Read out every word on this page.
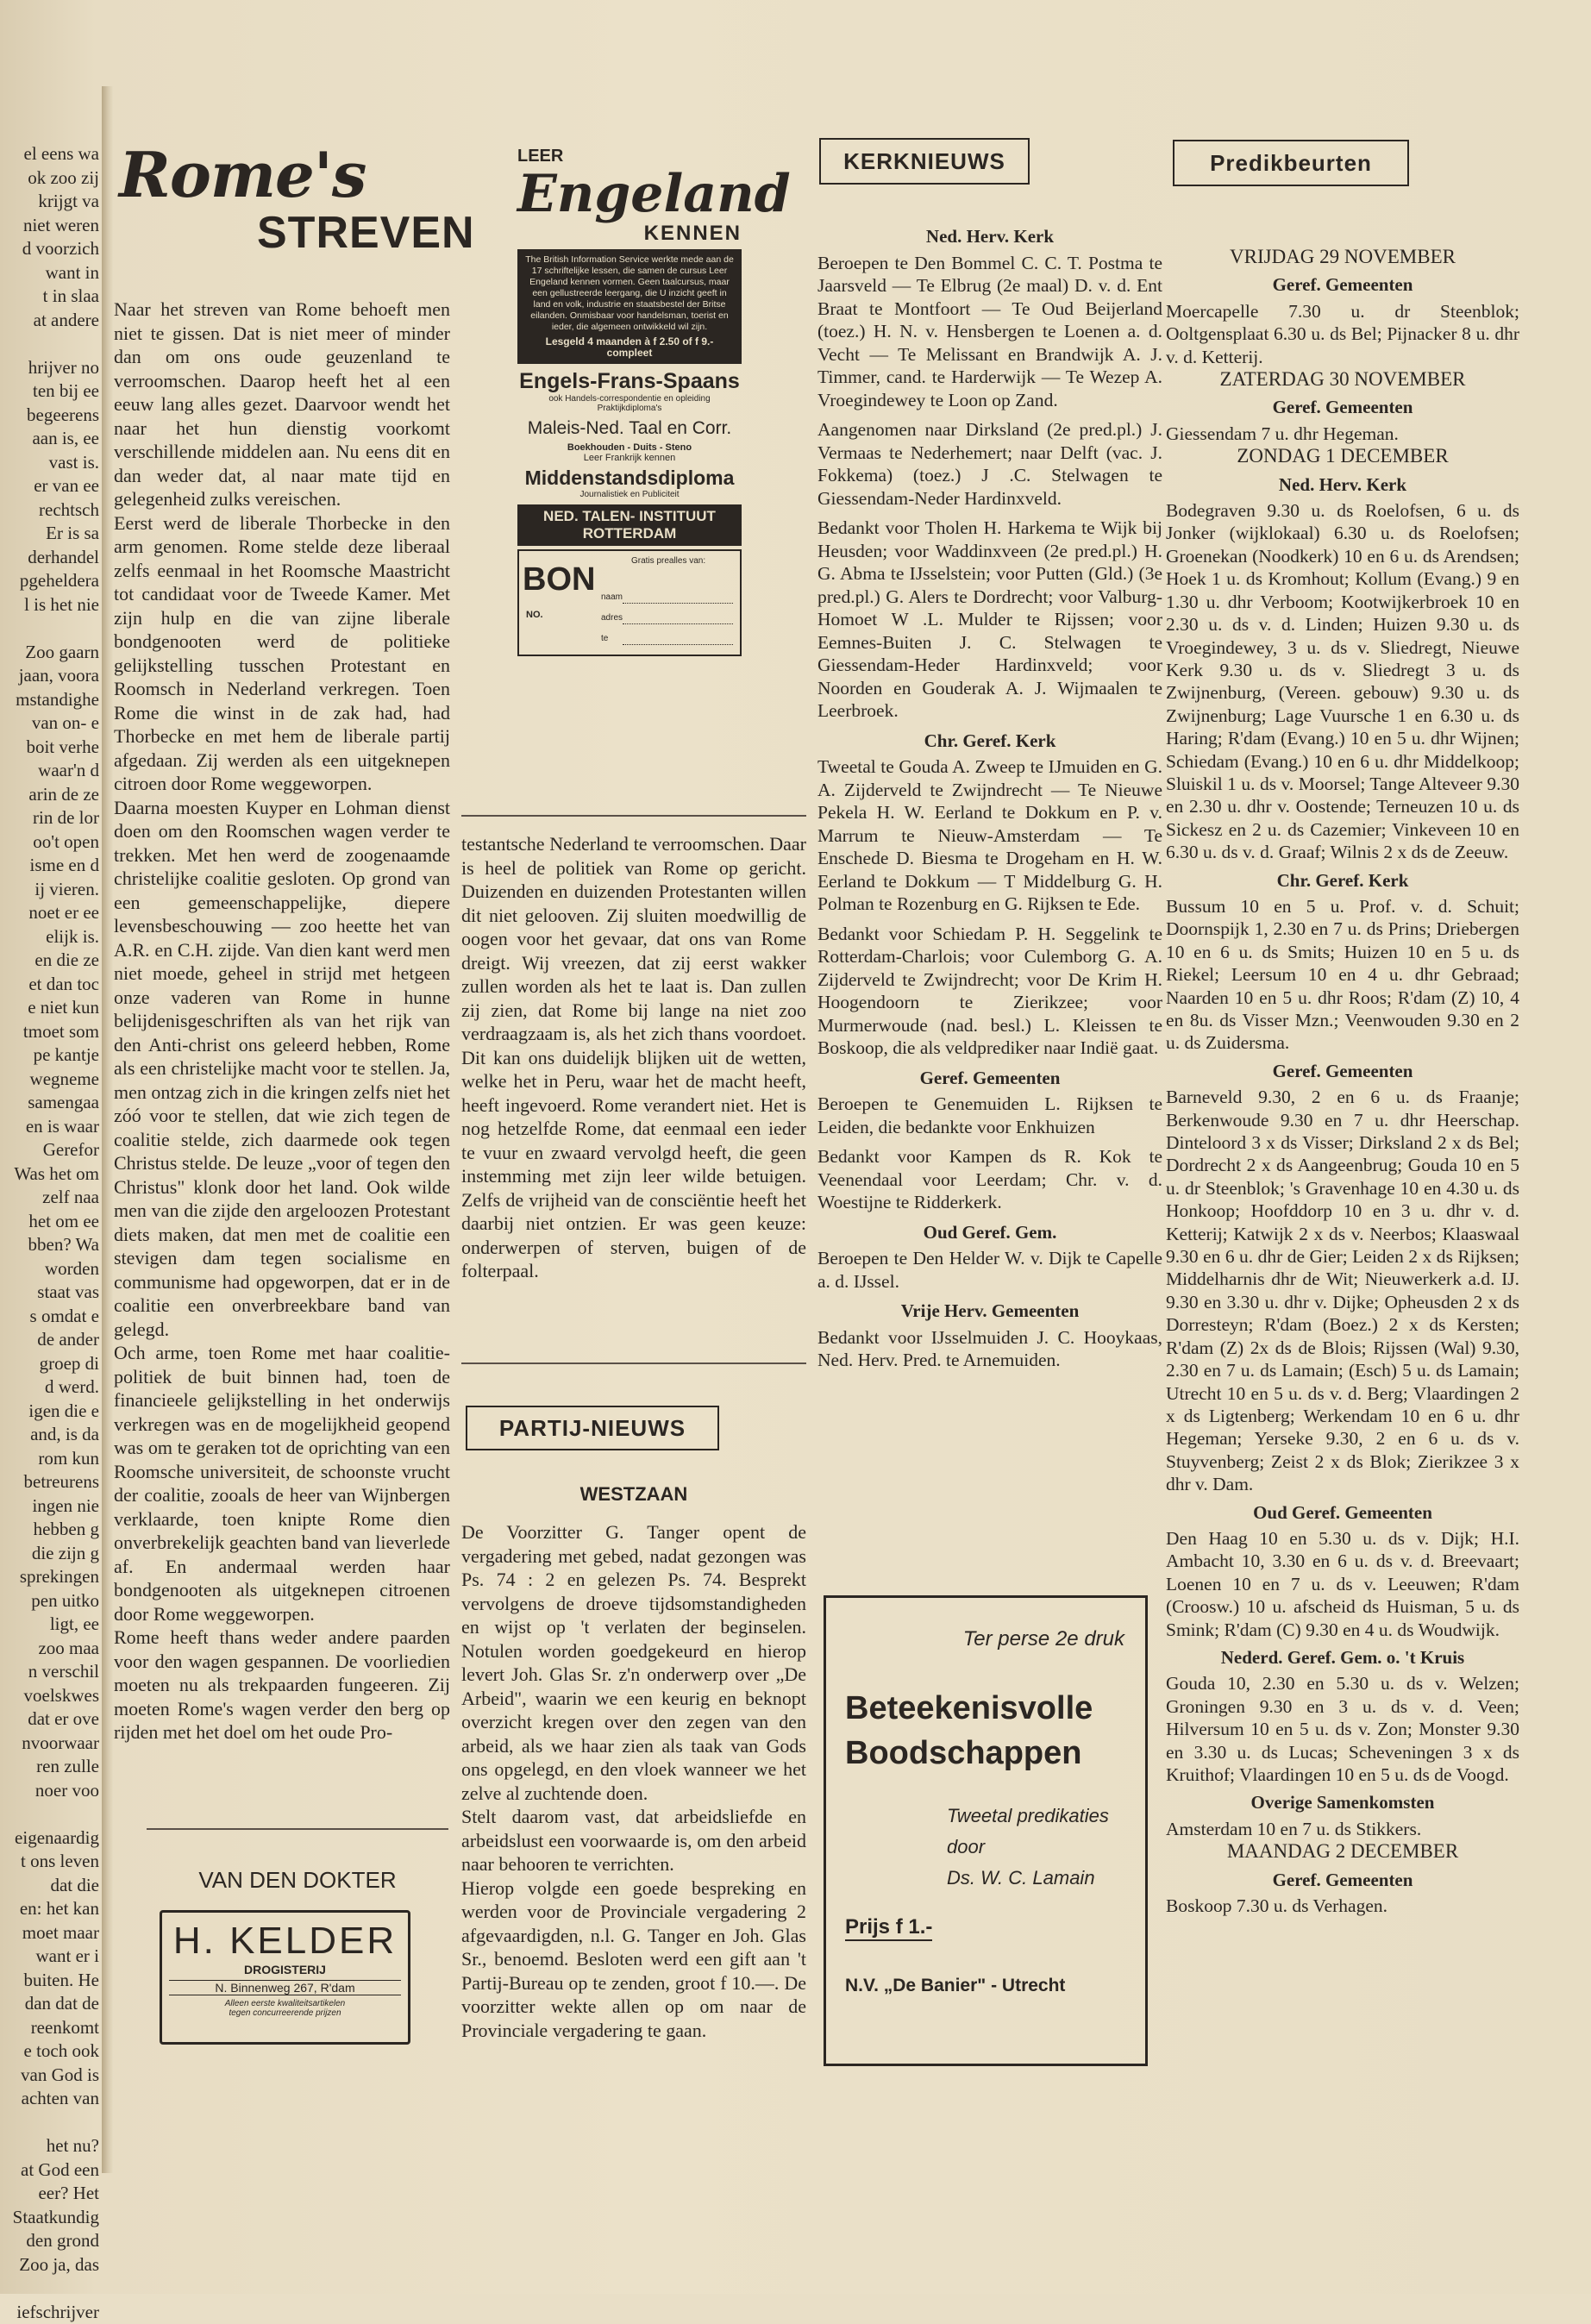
el eens wa
ok zoo zij
krijgt va
niet weren
d voorzich
want in
t in slaa
at andere
hrijver no
ten bij ee
begeerens
aan is, ee
vast is.
er van ee
rechtsch
Er is sa
derhandel
pgeheldera
l is het nie
Zoo gaarn
jaan, voora
mstandighe
van on- e
boit verhe
waar'n d
arin de ze
rin de lor
oo't open
isme en d
ij vieren.
noet er ee
elijk is.
en die ze
et dan toc
e niet kun
tmoet som
pe kantje
wegneme
samengaa
en is waar
Gerefor
Was het om
zelf naa
het om ee
bben? Wa
worden
staat vas
s omdat e
de ander
groep di
d werd.
igen die e
and, is da
rom kun
betreurens
ingen nie
hebben g
die zijn g
sprekingen
pen uitko
ligt, ee
zoo maa
n verschil
voelskwes
dat er ove
nvoorwaar
ren zulle
noer voo
eigenaardig
t ons leven
dat die
en: het kan
moet maar
want er i
buiten. He
dan dat de
reenkomt
e toch ook
van God is
achten van
het nu?
at God een
eer? Het
Staatkundig
den grond
Zoo ja, das
iefschrijver
Rome's
STREVEN

Naar het streven van Rome behoeft men niet te gissen. Dat is niet meer of minder dan om ons oude geuzenland te verroomschen. Daarop heeft het al een eeuw lang alles gezet. Daarvoor wendt het naar het hun dienstig voorkomt verschillende middelen aan. Nu eens dit en dan weder dat, al naar mate tijd en gelegenheid zulks vereischen.

Eerst werd de liberale Thorbecke in den arm genomen. Rome stelde deze liberaal zelfs eenmaal in het Roomsche Maastricht tot candidaat voor de Tweede Kamer. Met zijn hulp en die van zijne liberale bondgenooten werd de politieke gelijkstelling tusschen Protestant en Roomsch in Nederland verkregen. Toen Rome die winst in de zak had, had Thorbecke en met hem de liberale partij afgedaan. Zij werden als een uitgeknepen citroen door Rome weggeworpen.

Daarna moesten Kuyper en Lohman dienst doen om den Roomschen wagen verder te trekken. Met hen werd de zoogenaamde christelijke coalitie gesloten. Op grond van een gemeenschappelijke, diepere levensbeschouwing — zoo heette het van A.R. en C.H. zijde. Van dien kant werd men niet moede, geheel in strijd met hetgeen onze vaderen van Rome in hunne belijdenisgeschriften als van het rijk van den Anti-christ ons geleerd hebben, Rome als een christelijke macht voor te stellen. Ja, men ontzag zich in die kringen zelfs niet het zóó voor te stellen, dat wie zich tegen de coalitie stelde, zich daarmede ook tegen Christus stelde. De leuze „voor of tegen den Christus" klonk door het land. Ook wilde men van die zijde den argeloozen Protestant diets maken, dat men met de coalitie een stevigen dam tegen socialisme en communisme had opgeworpen, dat er in de coalitie een onverbreekbare band van gelegd.

Och arme, toen Rome met haar coalitie-politiek de buit binnen had, toen de financieele gelijkstelling in het onderwijs verkregen was en de mogelijkheid geopend was om te geraken tot de oprichting van een Roomsche universiteit, de schoonste vrucht der coalitie, zooals de heer van Wijnbergen verklaarde, toen knipte Rome dien onverbrekelijk geachten band van lieverlede af. En andermaal werden haar bondgenooten als uitgeknepen citroenen door Rome weggeworpen.

Rome heeft thans weder andere paarden voor den wagen gespannen. De voorliedien moeten nu als trekpaarden fungeeren. Zij moeten Rome's wagen verder den berg op rijden met het doel om het oude Pro-

testantsche Nederland te verroomschen. Daar is heel de politiek van Rome op gericht. Duizenden en duizenden Protestanten willen dit niet gelooven. Zij sluiten moedwillig de oogen voor het gevaar, dat ons van Rome dreigt. Wij vreezen, dat zij eerst wakker zullen worden als het te laat is. Dan zullen zij zien, dat Rome bij lange na niet zoo verdraagzaam is, als het zich thans voordoet. Dit kan ons duidelijk blijken uit de wetten, welke het in Peru, waar het de macht heeft, heeft ingevoerd. Rome verandert niet. Het is nog hetzelfde Rome, dat eenmaal een ieder te vuur en zwaard vervolgd heeft, die geen instemming met zijn leer wilde betuigen. Zelfs de vrijheid van de consciëntie heeft het daarbij niet ontzien. Er was geen keuze: onderwerpen of sterven, buigen of de folterpaal.

LEER
Engeland
KENNEN
The British Information Service werkte mede aan de 17 schriftelijke lessen, die samen de cursus Leer Engeland kennen vormen. Geen taalcursus, maar een gellustreerde leergang, die U inzicht geeft in land en volk, industrie en staatsbestel der Britse eilanden. Onmisbaar voor handelsman, toerist en ieder, die algemeen ontwikkeld wil zijn.
Lesgeld 4 maanden à f 2.50 of f 9.- compleet
Engels-Frans-Spaans
ook Handels-correspondentie en opleiding Praktijkdiploma's
Maleis-Ned. Taal en Corr.
Boekhouden - Duits - Steno
Leer Frankrijk kennen
Middenstandsdiploma
Journalistiek en Publiciteit
NED. TALEN- INSTITUUT
ROTTERDAM
BON
Gratis prealles van:
NO.
naam
adres
te
VAN DEN DOKTER
H. KELDER
DROGISTERIJ
N. Binnenweg 267, R'dam
Alleen eerste kwaliteitsartikelen
tegen concurreerende prijzen
PARTIJ-NIEUWS
WESTZAAN

De Voorzitter G. Tanger opent de vergadering met gebed, nadat gezongen was Ps. 74 : 2 en gelezen Ps. 74. Besprekt vervolgens de droeve tijdsomstandigheden en wijst op 't verlaten der beginselen. Notulen worden goedgekeurd en hierop levert Joh. Glas Sr. z'n onderwerp over „De Arbeid", waarin we een keurig en beknopt overzicht kregen over den zegen van den arbeid, als we haar zien als taak van Gods ons opgelegd, en den vloek wanneer we het zelve al zuchtende doen.

Stelt daarom vast, dat arbeidsliefde en arbeidslust een voorwaarde is, om den arbeid naar behooren te verrichten.

Hierop volgde een goede bespreking en werden voor de Provinciale vergadering 2 afgevaardigden, n.l. G. Tanger en Joh. Glas Sr., benoemd. Besloten werd een gift aan 't Partij-Bureau op te zenden, groot f 10.—. De voorzitter wekte allen op om naar de Provinciale vergadering te gaan.

KERKNIEUWS
Ned. Herv. Kerk

Beroepen te Den Bommel C. C. T. Postma te Jaarsveld — Te Elbrug (2e maal) D. v. d. Ent Braat te Montfoort — Te Oud Beijerland (toez.) H. N. v. Hensbergen te Loenen a. d. Vecht — Te Melissant en Brandwijk A. J. Timmer, cand. te Harderwijk — Te Wezep A. Vroegindewey te Loon op Zand.

Aangenomen naar Dirksland (2e pred.pl.) J. Vermaas te Nederhemert; naar Delft (vac. J. Fokkema) (toez.) J .C. Stelwagen te Giessendam-Neder Hardinxveld.

Bedankt voor Tholen H. Harkema te Wijk bij Heusden; voor Waddinxveen (2e pred.pl.) H. G. Abma te IJsselstein; voor Putten (Gld.) (3e pred.pl.) G. Alers te Dordrecht; voor Valburg-Homoet W .L. Mulder te Rijssen; voor Eemnes-Buiten J. C. Stelwagen te Giessendam-Heder Hardinxveld; voor Noorden en Gouderak A. J. Wijmaalen te Leerbroek.

Chr. Geref. Kerk

Tweetal te Gouda A. Zweep te IJmuiden en G. A. Zijderveld te Zwijndrecht — Te Nieuwe Pekela H. W. Eerland te Dokkum en P. v. Marrum te Nieuw-Amsterdam — Te Enschede D. Biesma te Drogeham en H. W. Eerland te Dokkum — T Middelburg G. H. Polman te Rozenburg en G. Rijksen te Ede.

Bedankt voor Schiedam P. H. Seggelink te Rotterdam-Charlois; voor Culemborg G. A. Zijderveld te Zwijndrecht; voor De Krim H. Hoogendoorn te Zierikzee; voor Murmerwoude (nad. besl.) L. Kleissen te Boskoop, die als veldprediker naar Indië gaat.

Geref. Gemeenten

Beroepen te Genemuiden L. Rijksen te Leiden, die bedankte voor Enkhuizen

Bedankt voor Kampen ds R. Kok te Veenendaal voor Leerdam; Chr. v. d. Woestijne te Ridderkerk.

Oud Geref. Gem.

Beroepen te Den Helder W. v. Dijk te Capelle a. d. IJssel.

Vrije Herv. Gemeenten

Bedankt voor IJsselmuiden J. C. Hooykaas, Ned. Herv. Pred. te Arnemuiden.

Ter perse 2e druk
Beteekenisvolle
Boodschappen
Tweetal predikaties
door
Ds. W. C. Lamain
Prijs f 1.-
N.V. „De Banier" - Utrecht
Predikbeurten
VRIJDAG 29 NOVEMBER
Geref. Gemeenten

Moercapelle 7.30 u. dr Steenblok; Ooltgensplaat 6.30 u. ds Bel; Pijnacker 8 u. dhr v. d. Ketterij.

ZATERDAG 30 NOVEMBER
Geref. Gemeenten

Giessendam 7 u. dhr Hegeman.

ZONDAG 1 DECEMBER
Ned. Herv. Kerk

Bodegraven 9.30 u. ds Roelofsen, 6 u. ds Jonker (wijklokaal) 6.30 u. ds Roelofsen; Groenekan (Noodkerk) 10 en 6 u. ds Arendsen; Hoek 1 u. ds Kromhout; Kollum (Evang.) 9 en 1.30 u. dhr Verboom; Kootwijkerbroek 10 en 2.30 u. ds v. d. Linden; Huizen 9.30 u. ds Vroegindewey, 3 u. ds v. Sliedregt, Nieuwe Kerk 9.30 u. ds v. Sliedregt 3 u. ds Zwijnenburg, (Vereen. gebouw) 9.30 u. ds Zwijnenburg; Lage Vuursche 1 en 6.30 u. ds Haring; R'dam (Evang.) 10 en 5 u. dhr Wijnen; Schiedam (Evang.) 10 en 6 u. dhr Middelkoop; Sluiskil 1 u. ds v. Moorsel; Tange Alteveer 9.30 en 2.30 u. dhr v. Oostende; Terneuzen 10 u. ds Sickesz en 2 u. ds Cazemier; Vinkeveen 10 en 6.30 u. ds v. d. Graaf; Wilnis 2 x ds de Zeeuw.

Chr. Geref. Kerk

Bussum 10 en 5 u. Prof. v. d. Schuit; Doornspijk 1, 2.30 en 7 u. ds Prins; Driebergen 10 en 6 u. ds Smits; Huizen 10 en 5 u. ds Riekel; Leersum 10 en 4 u. dhr Gebraad; Naarden 10 en 5 u. dhr Roos; R'dam (Z) 10, 4 en 8u. ds Visser Mzn.; Veenwouden 9.30 en 2 u. ds Zuidersma.

Geref. Gemeenten

Barneveld 9.30, 2 en 6 u. ds Fraanje; Berkenwoude 9.30 en 7 u. dhr Heerschap. Dinteloord 3 x ds Visser; Dirksland 2 x ds Bel; Dordrecht 2 x ds Aangeenbrug; Gouda 10 en 5 u. dr Steenblok; 's Gravenhage 10 en 4.30 u. ds Honkoop; Hoofddorp 10 en 3 u. dhr v. d. Ketterij; Katwijk 2 x ds v. Neerbos; Klaaswaal 9.30 en 6 u. dhr de Gier; Leiden 2 x ds Rijksen; Middelharnis dhr de Wit; Nieuwerkerk a.d. IJ. 9.30 en 3.30 u. dhr v. Dijke; Opheusden 2 x ds Dorresteyn; R'dam (Boez.) 2 x ds Kersten; R'dam (Z) 2x ds de Blois; Rijssen (Wal) 9.30, 2.30 en 7 u. ds Lamain; (Esch) 5 u. ds Lamain; Utrecht 10 en 5 u. ds v. d. Berg; Vlaardingen 2 x ds Ligtenberg; Werkendam 10 en 6 u. dhr Hegeman; Yerseke 9.30, 2 en 6 u. ds v. Stuyvenberg; Zeist 2 x ds Blok; Zierikzee 3 x dhr v. Dam.

Oud Geref. Gemeenten

Den Haag 10 en 5.30 u. ds v. Dijk; H.I. Ambacht 10, 3.30 en 6 u. ds v. d. Breevaart; Loenen 10 en 7 u. ds v. Leeuwen; R'dam (Croosw.) 10 u. afscheid ds Huisman, 5 u. ds Smink; R'dam (C) 9.30 en 4 u. ds Woudwijk.

Nederd. Geref. Gem. o. 't Kruis

Gouda 10, 2.30 en 5.30 u. ds v. Welzen; Groningen 9.30 en 3 u. ds v. d. Veen; Hilversum 10 en 5 u. ds v. Zon; Monster 9.30 en 3.30 u. ds Lucas; Scheveningen 3 x ds Kruithof; Vlaardingen 10 en 5 u. ds de Voogd.

Overige Samenkomsten

Amsterdam 10 en 7 u. ds Stikkers.

MAANDAG 2 DECEMBER
Geref. Gemeenten

Boskoop 7.30 u. ds Verhagen.
